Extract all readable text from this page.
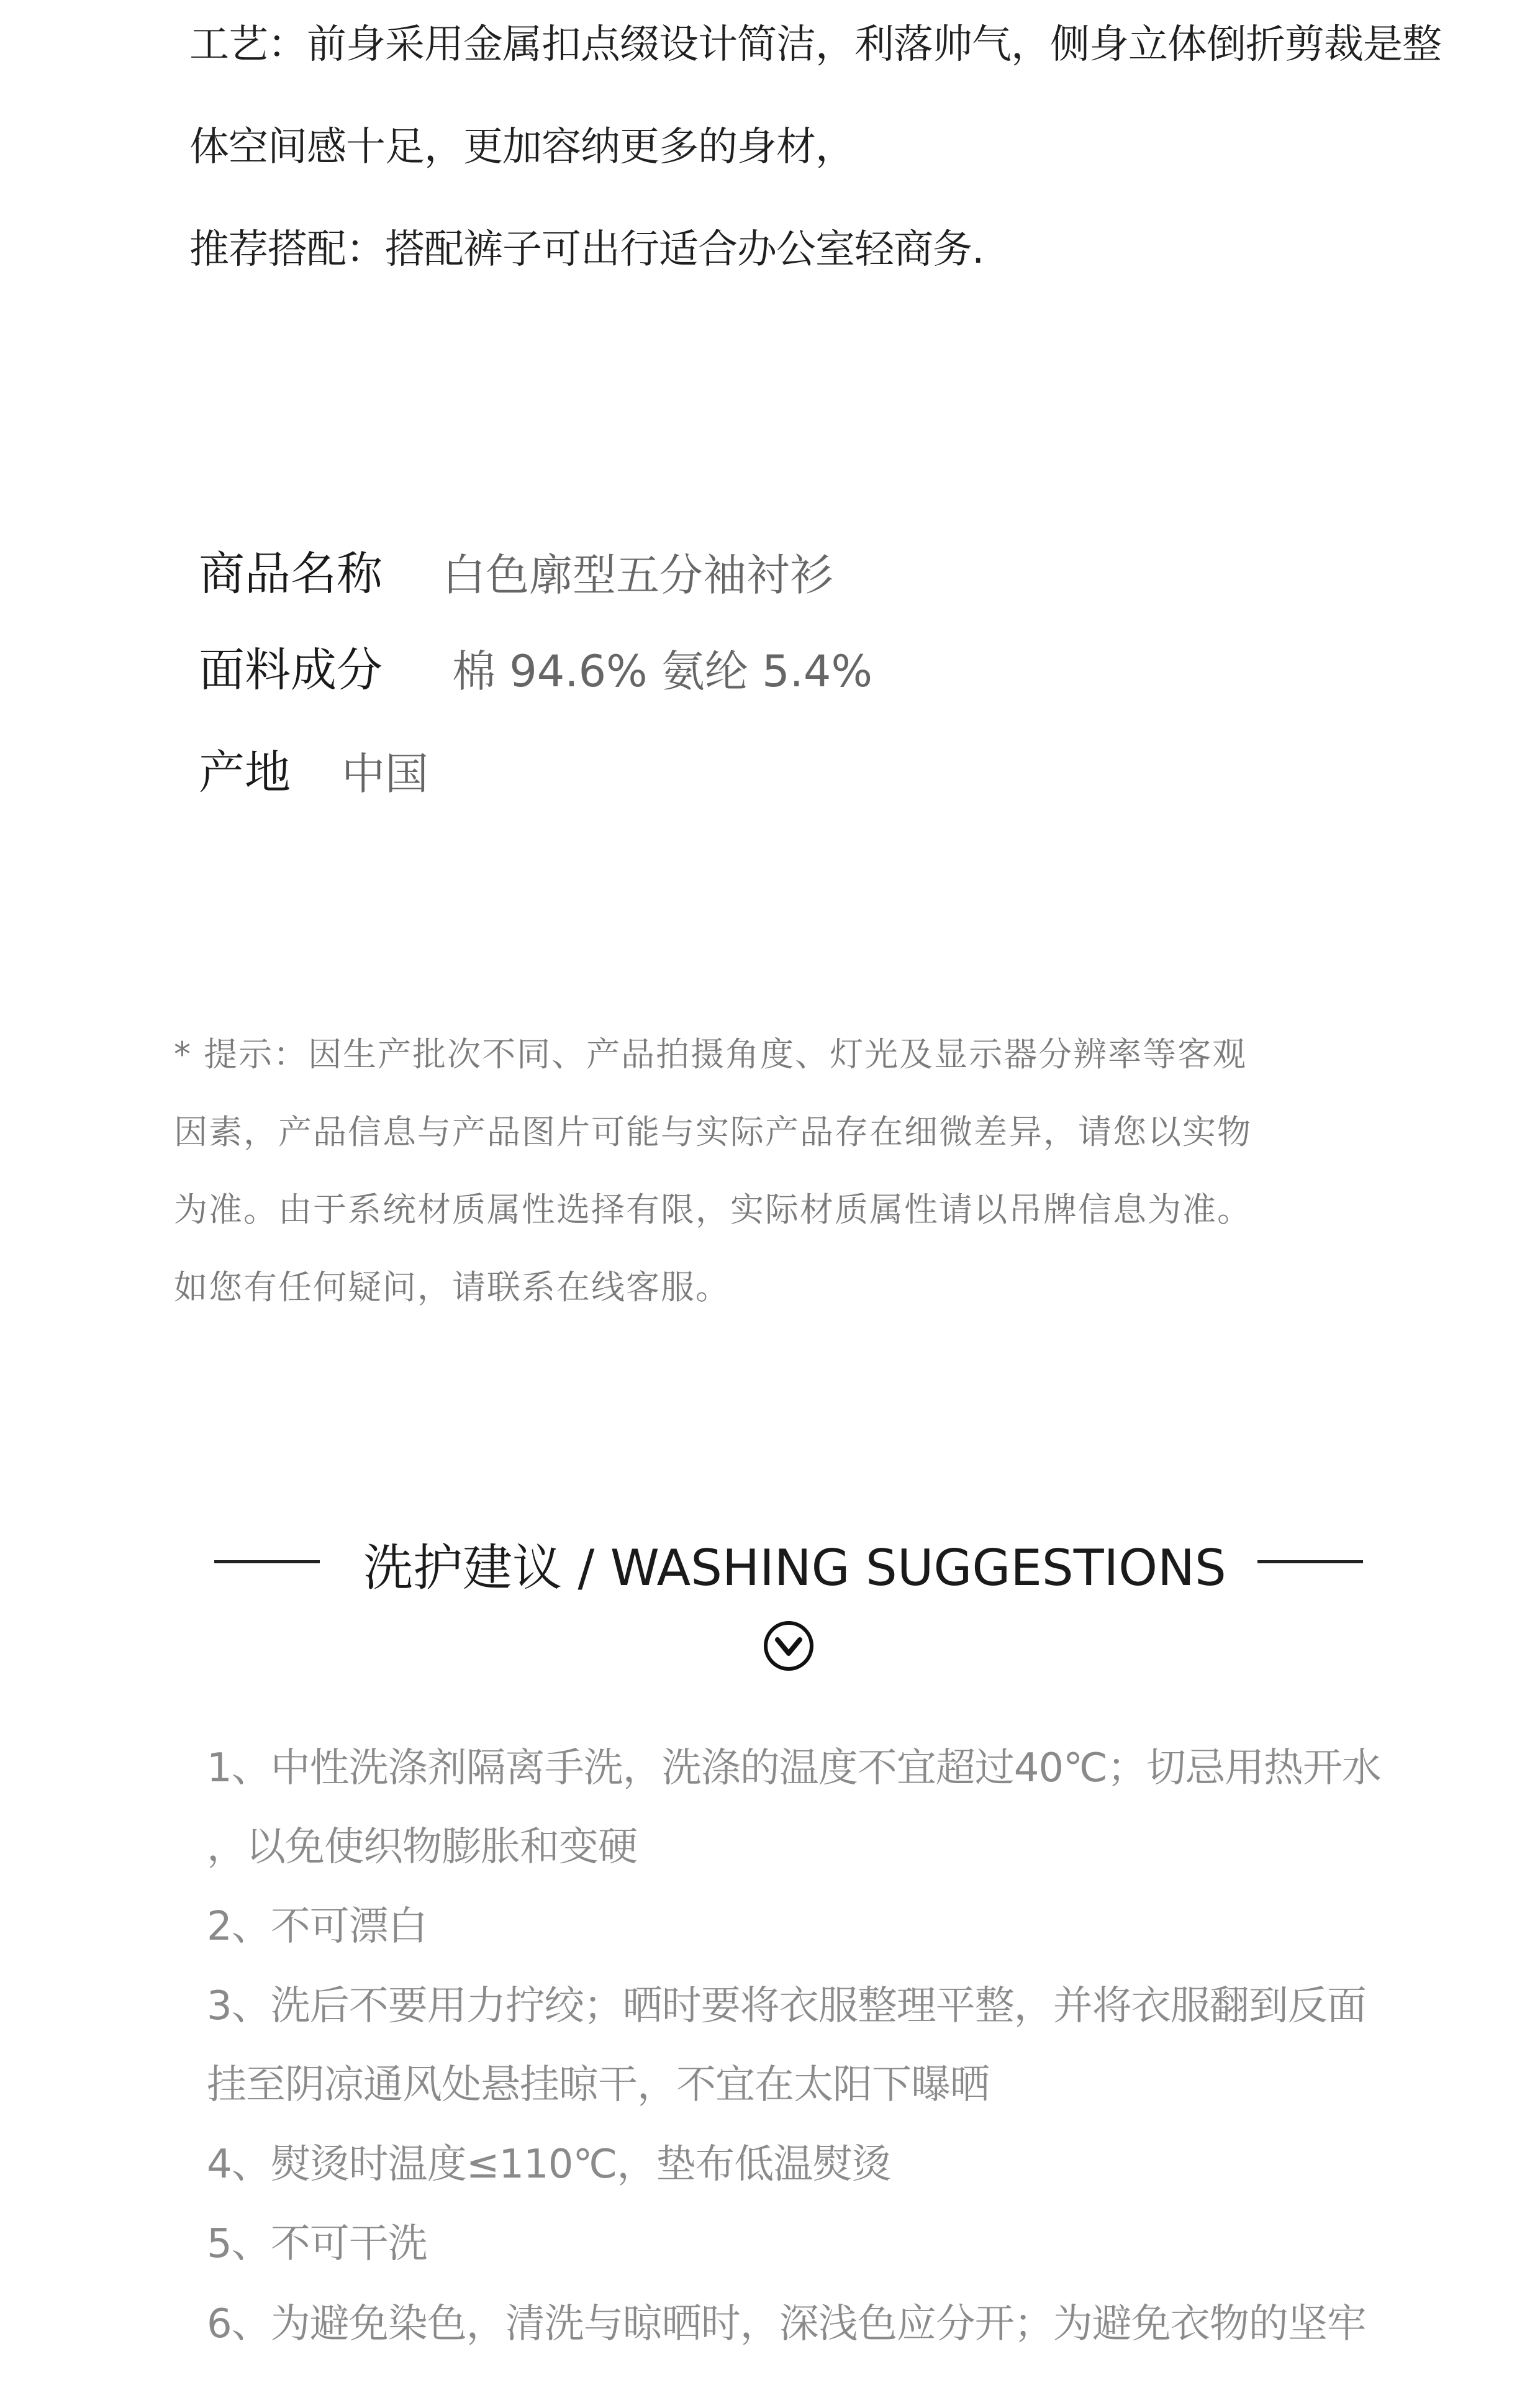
工艺：前身采用金属扣点缀设计简洁，利落帅气，侧身立体倒折剪裁是整
体空间感十足，更加容纳更多的身材，
推荐搭配：搭配裤子可出行适合办公室轻商务.
商品名称 白色廓型五分袖衬衫
面料成分 棉 94.6% 氨纶 5.4%
产地 中国
* 提示：因生产批次不同、产品拍摄角度、灯光及显示器分辨率等客观
因素，产品信息与产品图片可能与实际产品存在细微差异，请您以实物
为准。由于系统材质属性选择有限，实际材质属性请以吊牌信息为准。
如您有任何疑问，请联系在线客服。
洗护建议 / WASHING SUGGESTIONS
1、中性洗涤剂隔离手洗，洗涤的温度不宜超过40℃；切忌用热开水
，以免使织物膨胀和变硬
2、不可漂白
3、洗后不要用力拧绞；晒时要将衣服整理平整，并将衣服翻到反面
挂至阴凉通风处悬挂晾干，不宜在太阳下曝晒
4、熨烫时温度≤110℃，垫布低温熨烫
5、不可干洗
6、为避免染色，清洗与晾晒时，深浅色应分开；为避免衣物的坚牢
